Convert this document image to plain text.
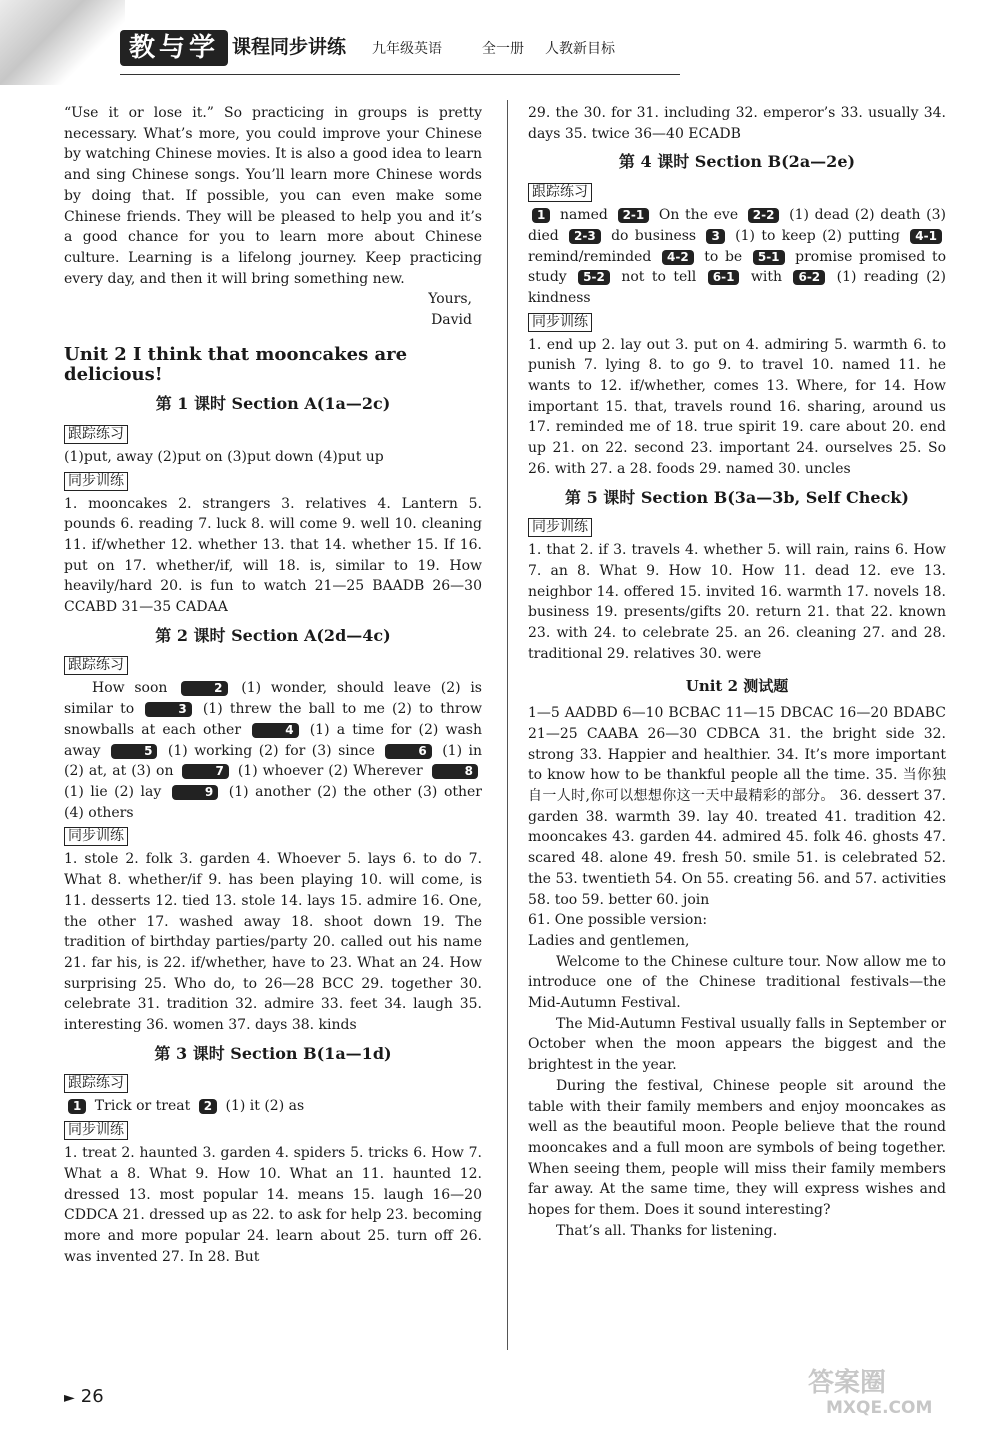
教与学 课程同步讲练 九年级英语	全一册 人教新目标

“Use it or lose it.” So practicing in groups is pretty necessary. What’s more, you could improve your Chinese by watching Chinese movies. It is also a good idea to learn and sing Chinese songs. You’ll learn more Chinese words by doing that. If possible, you can even make some Chinese friends. They will be pleased to help you and it’s a good chance for you to learn more about Chinese culture. Learning is a lifelong journey. Keep practicing every day, and then it will bring something new.

Yours,

David

Unit 2 I think that mooncakes are delicious!
第 1 课时 Section A(1a—2c)
跟踪练习

(1)put, away (2)put on (3)put down (4)put up

同步训练

1. mooncakes 2. strangers 3. relatives 4. Lantern 5. pounds 6. reading 7. luck 8. will come 9. well 10. cleaning 11. if/whether 12. whether 13. that 14. whether 15. If 16. put on 17. whether/if, will 18. is, similar to 19. How heavily/hard 20. is fun to watch 21—25 BAADB 26—30 CCABD 31—35 CADAA

第 2 课时 Section A(2d—4c)
跟踪练习

How soon	2 (1) wonder, should leave (2) is similar to	3 (1) threw the ball to me (2) to throw snowballs at each other	4 (1) a time for (2) wash away	5 (1) working (2) for (3) since	6 (1) in (2) at, at (3) on	7 (1) whoever (2) Wherever	8 (1) lie (2) lay	9 (1) another (2) the other (3) other (4) others

同步训练

1. stole 2. folk 3. garden 4. Whoever 5. lays 6. to do 7. What 8. whether/if 9. has been playing 10. will come, is 11. desserts 12. tied 13. stole 14. lays 15. admire 16. One, the other 17. washed away 18. shoot down 19. The tradition of birthday parties/party 20. called out his name 21. far his, is 22. if/whether, have to 23. What an 24. How surprising 25. Who do, to 26—28 BCC 29. together 30. celebrate 31. tradition 32. admire 33. feet 34. laugh 35. interesting 36. women 37. days 38. kinds

第 3 课时 Section B(1a—1d)
跟踪练习

1 Trick or treat 2 (1) it (2) as

同步训练

1. treat 2. haunted 3. garden 4. spiders 5. tricks 6. How 7. What a 8. What 9. How 10. What an 11. haunted 12. dressed 13. most popular 14. means 15. laugh 16—20 CDDCA 21. dressed up as 22. to ask for help 23. becoming more and more popular 24. learn about 25. turn off 26. was invented 27. In 28. But

29. the 30. for 31. including 32. emperor’s 33. usually 34. days 35. twice 36—40 ECADB

第 4 课时 Section B(2a—2e)
跟踪练习

1 named 2-1 On the eve 2-2 (1) dead (2) death (3) died 2-3 do business 3 (1) to keep (2) putting 4-1 remind/reminded 4-2 to be 5-1 promise promised to study 5-2 not to tell 6-1 with 6-2 (1) reading (2) kindness

同步训练

1. end up 2. lay out 3. put on 4. admiring 5. warmth 6. to punish 7. lying 8. to go 9. to travel 10. named 11. he wants to 12. if/whether, comes 13. Where, for 14. How important 15. that, travels round 16. sharing, around us 17. reminded me of 18. true spirit 19. care about 20. end up 21. on 22. second 23. important 24. ourselves 25. So 26. with 27. a 28. foods 29. named 30. uncles

第 5 课时 Section B(3a—3b, Self Check)
同步训练

1. that 2. if 3. travels 4. whether 5. will rain, rains 6. How 7. an 8. What 9. How 10. How 11. dead 12. eve 13. neighbor 14. offered 15. invited 16. warmth 17. novels 18. business 19. presents/gifts 20. return 21. that 22. known 23. with 24. to celebrate 25. an 26. cleaning 27. and 28. traditional 29. relatives 30. were

Unit 2 测试题

1—5 AADBD 6—10 BCBAC 11—15 DBCAC 16—20 BDABC 21—25 CAABA 26—30 CDBCA 31. the bright side 32. strong 33. Happier and healthier. 34. It’s more important to know how to be thankful people all the time. 35. 当你独自一人时,你可以想想你这一天中最精彩的部分。 36. dessert 37. garden 38. warmth 39. lay 40. treated 41. tradition 42. mooncakes 43. garden 44. admired 45. folk 46. ghosts 47. scared 48. alone 49. fresh 50. smile 51. is celebrated 52. the 53. twentieth 54. On 55. creating 56. and 57. activities 58. too 59. better 60. join

61. One possible version:

Ladies and gentlemen,

Welcome to the Chinese culture tour. Now allow me to introduce one of the Chinese traditional festivals—the Mid-Autumn Festival.

The Mid-Autumn Festival usually falls in September or October when the moon appears the biggest and the brightest in the year.

During the festival, Chinese people sit around the table with their family members and enjoy mooncakes as well as the beautiful moon. People believe that the round mooncakes and a full moon are symbols of being together. When seeing them, people will miss their family members far away. At the same time, they will express wishes and hopes for them. Does it sound interesting?

That’s all. Thanks for listening.

► 26	答案圈
MXQE.COM
